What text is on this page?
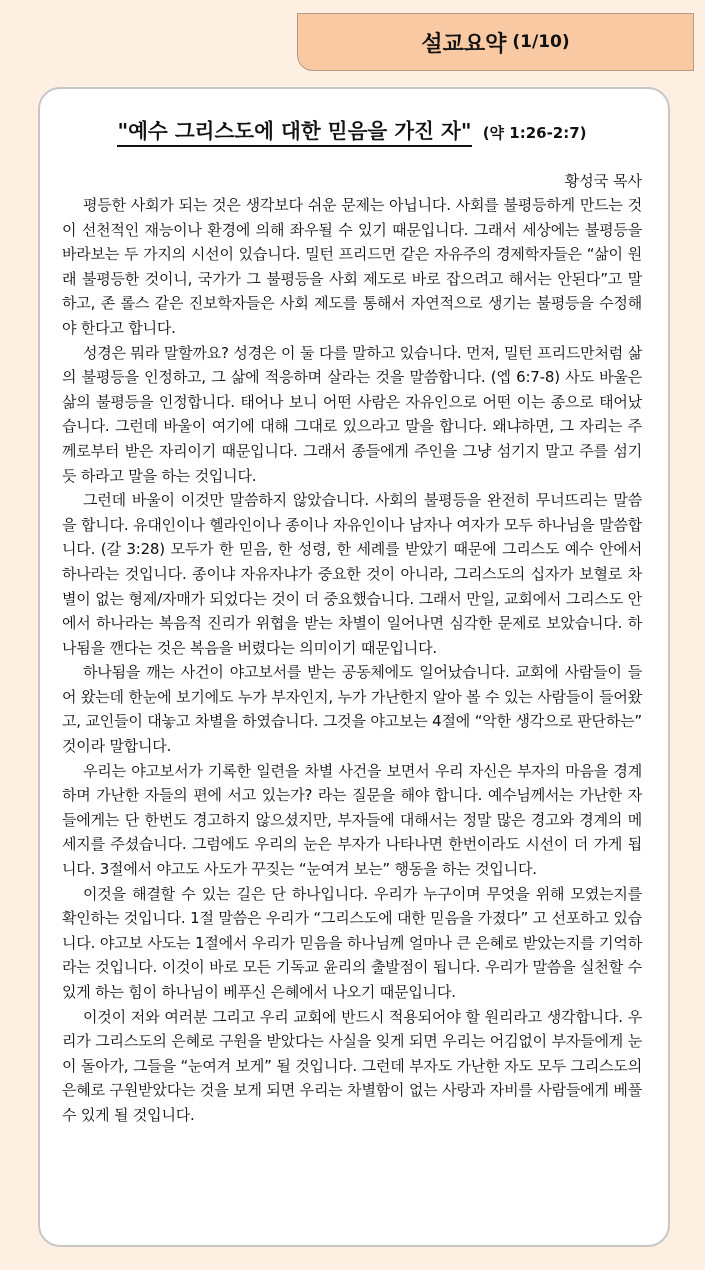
설교요약 (1/10)
"예수 그리스도에 대한 믿음을 가진 자" (약 1:26-2:7)
황성국 목사

평등한 사회가 되는 것은 생각보다 쉬운 문제는 아닙니다. 사회를 불평등하게 만드는 것이 선천적인 재능이나 환경에 의해 좌우될 수 있기 때문입니다. 그래서 세상에는 불평등을 바라보는 두 가지의 시선이 있습니다. 밀턴 프리드먼 같은 자유주의 경제학자들은 “삶이 원래 불평등한 것이니, 국가가 그 불평등을 사회 제도로 바로 잡으려고 해서는 안된다”고 말하고, 존 롤스 같은 진보학자들은 사회 제도를 통해서 자연적으로 생기는 불평등을 수정해야 한다고 합니다.

성경은 뭐라 말할까요? 성경은 이 둘 다를 말하고 있습니다. 먼저, 밀턴 프리드만처럼 삶의 불평등을 인정하고, 그 삶에 적응하며 살라는 것을 말씀합니다. (엡 6:7-8) 사도 바울은 삶의 불평등을 인정합니다. 태어나 보니 어떤 사람은 자유인으로 어떤 이는 종으로 태어났습니다. 그런데 바울이 여기에 대해 그대로 있으라고 말을 합니다. 왜냐하면, 그 자리는 주께로부터 받은 자리이기 때문입니다. 그래서 종들에게 주인을 그냥 섬기지 말고 주를 섬기듯 하라고 말을 하는 것입니다.

그런데 바울이 이것만 말씀하지 않았습니다. 사회의 불평등을 완전히 무너뜨리는 말씀을 합니다. 유대인이나 헬라인이나 종이나 자유인이나 남자나 여자가 모두 하나님을 말씀합니다. (갈 3:28) 모두가 한 믿음, 한 성령, 한 세례를 받았기 때문에 그리스도 예수 안에서 하나라는 것입니다. 종이냐 자유자냐가 중요한 것이 아니라, 그리스도의 십자가 보혈로 차별이 없는 형제/자매가 되었다는 것이 더 중요했습니다. 그래서 만일, 교회에서 그리스도 안에서 하나라는 복음적 진리가 위협을 받는 차별이 일어나면 심각한 문제로 보았습니다. 하나됨을 깬다는 것은 복음을 버렸다는 의미이기 때문입니다.

하나됨을 깨는 사건이 야고보서를 받는 공동체에도 일어났습니다. 교회에 사람들이 들어 왔는데 한눈에 보기에도 누가 부자인지, 누가 가난한지 알아 볼 수 있는 사람들이 들어왔고, 교인들이 대놓고 차별을 하였습니다. 그것을 야고보는 4절에 “악한 생각으로 판단하는” 것이라 말합니다.

우리는 야고보서가 기록한 일련을 차별 사건을 보면서 우리 자신은 부자의 마음을 경계하며 가난한 자들의 편에 서고 있는가? 라는 질문을 해야 합니다. 예수님께서는 가난한 자들에게는 단 한번도 경고하지 않으셨지만, 부자들에 대해서는 정말 많은 경고와 경계의 메세지를 주셨습니다. 그럼에도 우리의 눈은 부자가 나타나면 한번이라도 시선이 더 가게 됩니다. 3절에서 야고도 사도가 꾸짖는 “눈여겨 보는” 행동을 하는 것입니다.

이것을 해결할 수 있는 길은 단 하나입니다. 우리가 누구이며 무엇을 위해 모였는지를 확인하는 것입니다. 1절 말씀은 우리가 “그리스도에 대한 믿음을 가졌다” 고 선포하고 있습니다. 야고보 사도는 1절에서 우리가 믿음을 하나님께 얼마나 큰 은혜로 받았는지를 기억하라는 것입니다. 이것이 바로 모든 기독교 윤리의 출발점이 됩니다. 우리가 말씀을 실천할 수 있게 하는 힘이 하나님이 베푸신 은혜에서 나오기 때문입니다.

이것이 저와 여러분 그리고 우리 교회에 반드시 적용되어야 할 원리라고 생각합니다. 우리가 그리스도의 은혜로 구원을 받았다는 사실을 잊게 되면 우리는 어김없이 부자들에게 눈이 돌아가, 그들을 “눈여겨 보게” 될 것입니다. 그런데 부자도 가난한 자도 모두 그리스도의 은혜로 구원받았다는 것을 보게 되면 우리는 차별함이 없는 사랑과 자비를 사람들에게 베풀 수 있게 될 것입니다.
